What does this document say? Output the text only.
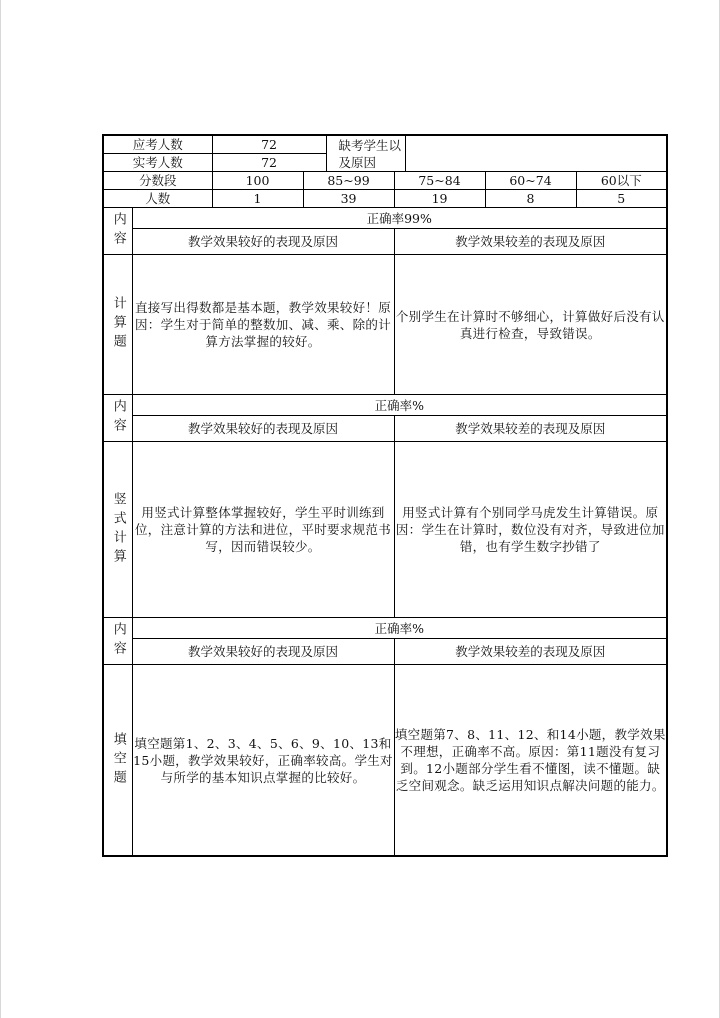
应考人数		72		缺考学生以及原因				
实考人数		72						
分数段		100	85~99		75~84		60~74	60以下
人数		1	39		19		8	5

内容	正确率99%							
	教学效果较好的表现及原因				教学效果较差的表现及原因			

计算题	直接写出得数都是基本题，教学效果较好！原因：学生对于简单的整数加、减、乘、除的计算方法掌握的较好。				个别学生在计算时不够细心，计算做好后没有认真进行检查，导致错误。			

内容	正确率%							
	教学效果较好的表现及原因				教学效果较差的表现及原因			

竖式计算	用竖式计算整体掌握较好，学生平时训练到位，注意计算的方法和进位，平时要求规范书写，因而错误较少。				用竖式计算有个别同学马虎发生计算错误。原因：学生在计算时，数位没有对齐，导致进位加错，也有学生数字抄错了			

内容	正确率%							
	教学效果较好的表现及原因				教学效果较差的表现及原因			

填空题	填空题第1、2、3、4、5、6、9、10、13和15小题，教学效果较好，正确率较高。学生对与所学的基本知识点掌握的比较好。				填空题第7、8、11、12、和14小题，教学效果不理想，正确率不高。原因：第11题没有复习到。12小题部分学生看不懂图，读不懂题。缺乏空间观念。缺乏运用知识点解决问题的能力。			
